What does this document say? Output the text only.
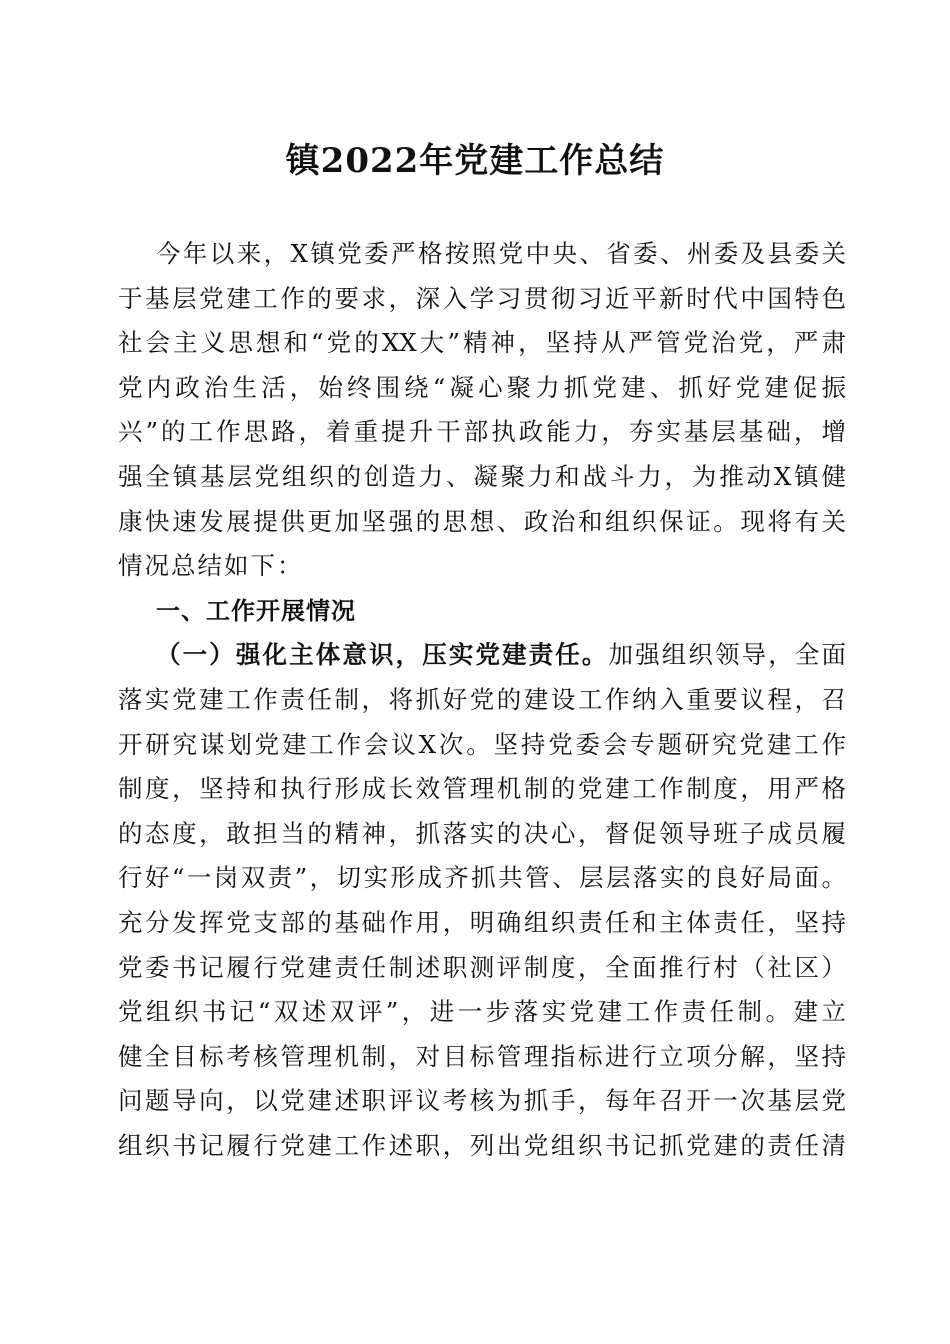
镇2022年党建工作总结
今年以来，X镇党委严格按照党中央、省委、州委及县委关
于基层党建工作的要求，深入学习贯彻习近平新时代中国特色
社会主义思想和“党的XX大”精神，坚持从严管党治党，严肃
党内政治生活，始终围绕“凝心聚力抓党建、抓好党建促振
兴”的工作思路，着重提升干部执政能力，夯实基层基础，增
强全镇基层党组织的创造力、凝聚力和战斗力，为推动X镇健
康快速发展提供更加坚强的思想、政治和组织保证。现将有关
情况总结如下：
一、工作开展情况
（一）强化主体意识，压实党建责任。加强组织领导，全面
落实党建工作责任制，将抓好党的建设工作纳入重要议程，召
开研究谋划党建工作会议X次。坚持党委会专题研究党建工作
制度，坚持和执行形成长效管理机制的党建工作制度，用严格
的态度，敢担当的精神，抓落实的决心，督促领导班子成员履
行好“一岗双责”，切实形成齐抓共管、层层落实的良好局面。
充分发挥党支部的基础作用，明确组织责任和主体责任，坚持
党委书记履行党建责任制述职测评制度，全面推行村（社区）
党组织书记“双述双评”，进一步落实党建工作责任制。建立
健全目标考核管理机制，对目标管理指标进行立项分解，坚持
问题导向，以党建述职评议考核为抓手，每年召开一次基层党
组织书记履行党建工作述职，列出党组织书记抓党建的责任清
